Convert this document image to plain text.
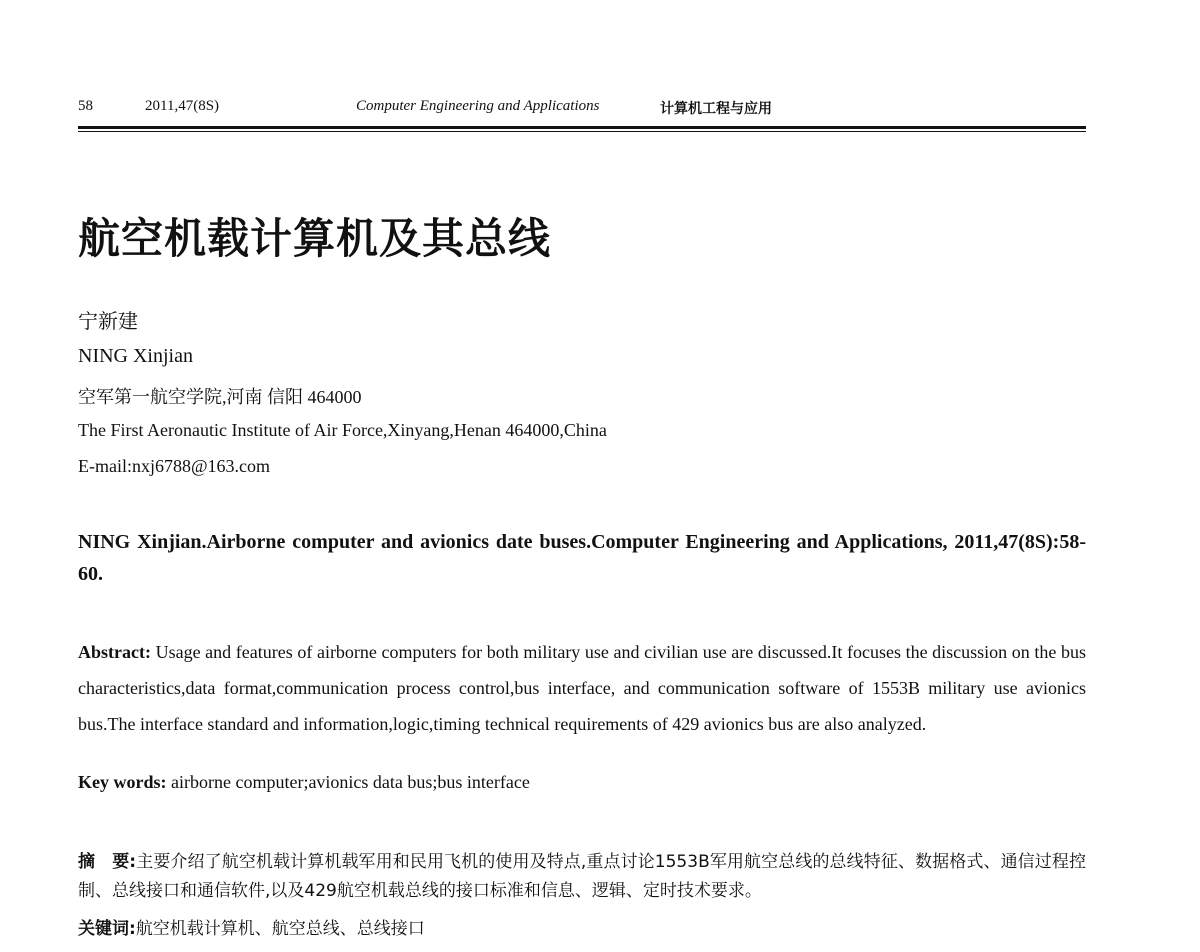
58	2011,47(8S)	Computer Engineering and Applications	计算机工程与应用
航空机载计算机及其总线
宁新建
NING Xinjian
空军第一航空学院,河南 信阳 464000
The First Aeronautic Institute of Air Force,Xinyang,Henan 464000,China
E-mail:nxj6788@163.com
NING Xinjian.Airborne computer and avionics date buses.Computer Engineering and Applications, 2011,47(8S):58-60.
Abstract: Usage and features of airborne computers for both military use and civilian use are discussed.It focuses the discussion on the bus characteristics,data format,communication process control,bus interface, and communication software of 1553B military use avionics bus.The interface standard and information,logic,timing technical requirements of 429 avionics bus are also analyzed.
Key words: airborne computer;avionics data bus;bus interface
摘　要:主要介绍了航空机载计算机载军用和民用飞机的使用及特点,重点讨论1553B军用航空总线的总线特征、数据格式、通信过程控制、总线接口和通信软件,以及429航空机载总线的接口标准和信息、逻辑、定时技术要求。
关键词:航空机载计算机、航空总线、总线接口
